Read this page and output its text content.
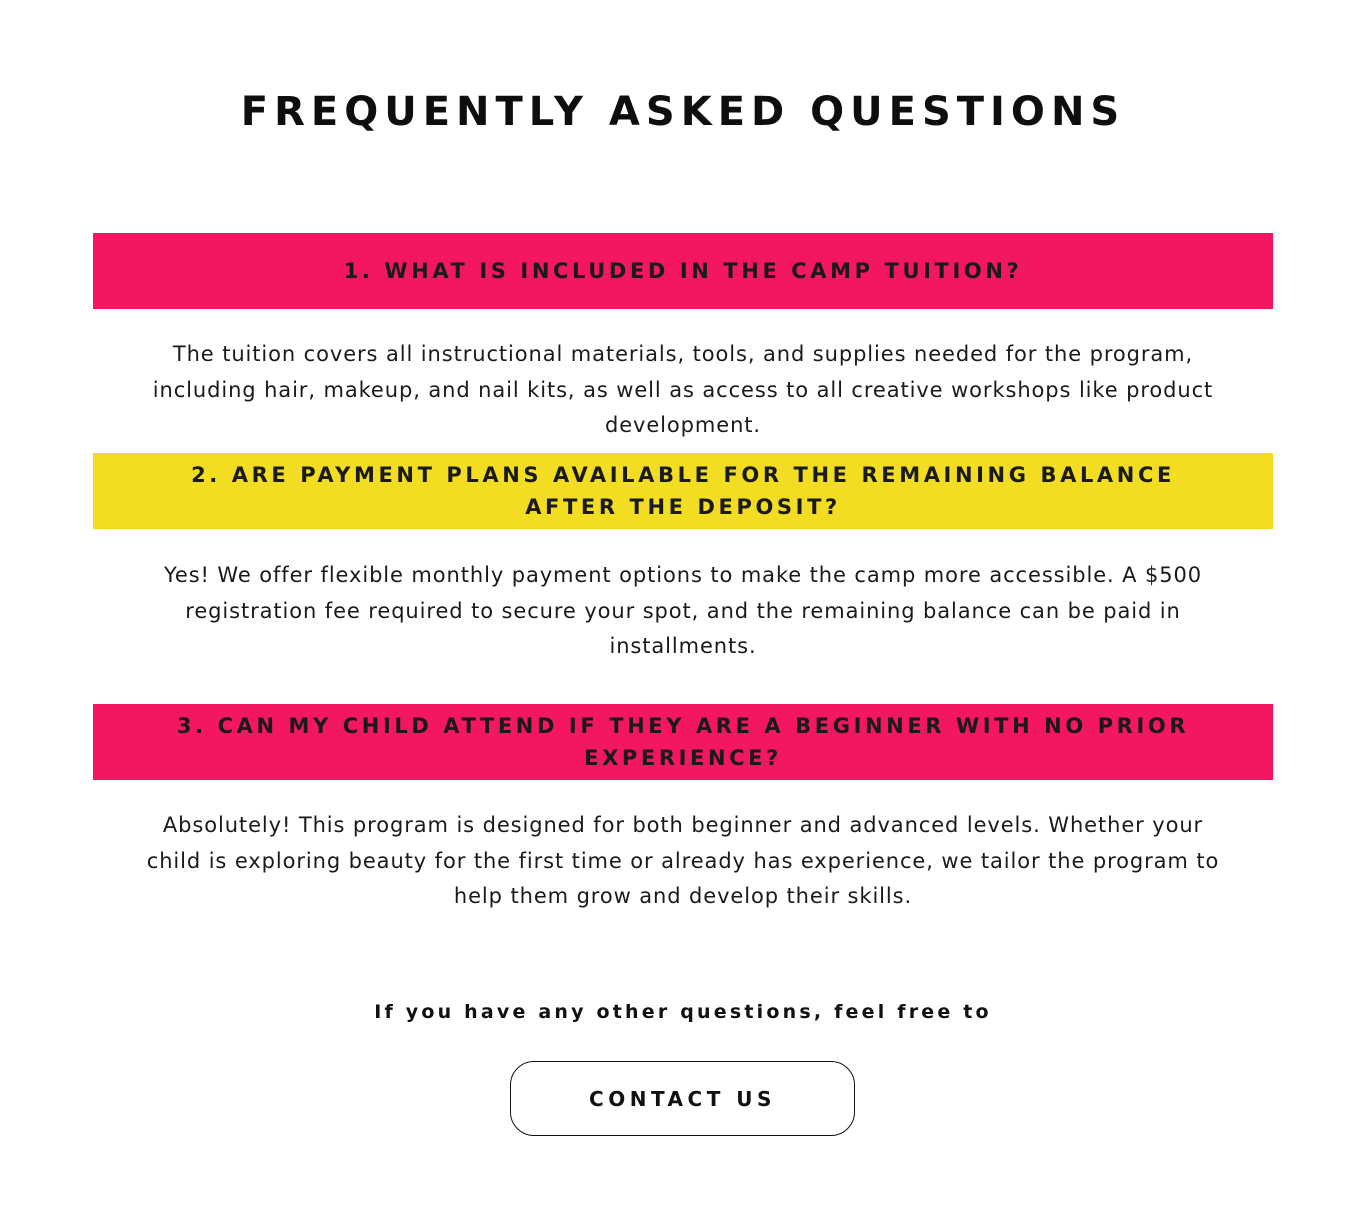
FREQUENTLY ASKED QUESTIONS
1. WHAT IS INCLUDED IN THE CAMP TUITION?

The tuition covers all instructional materials, tools, and supplies needed for the program, including hair, makeup, and nail kits, as well as access to all creative workshops like product development.

2. ARE PAYMENT PLANS AVAILABLE FOR THE REMAINING BALANCE AFTER THE DEPOSIT?

Yes! We offer flexible monthly payment options to make the camp more accessible. A $500 registration fee required to secure your spot, and the remaining balance can be paid in installments.

3. CAN MY CHILD ATTEND IF THEY ARE A BEGINNER WITH NO PRIOR EXPERIENCE?

Absolutely! This program is designed for both beginner and advanced levels. Whether your child is exploring beauty for the first time or already has experience, we tailor the program to help them grow and develop their skills.

If you have any other questions, feel free to
CONTACT US
